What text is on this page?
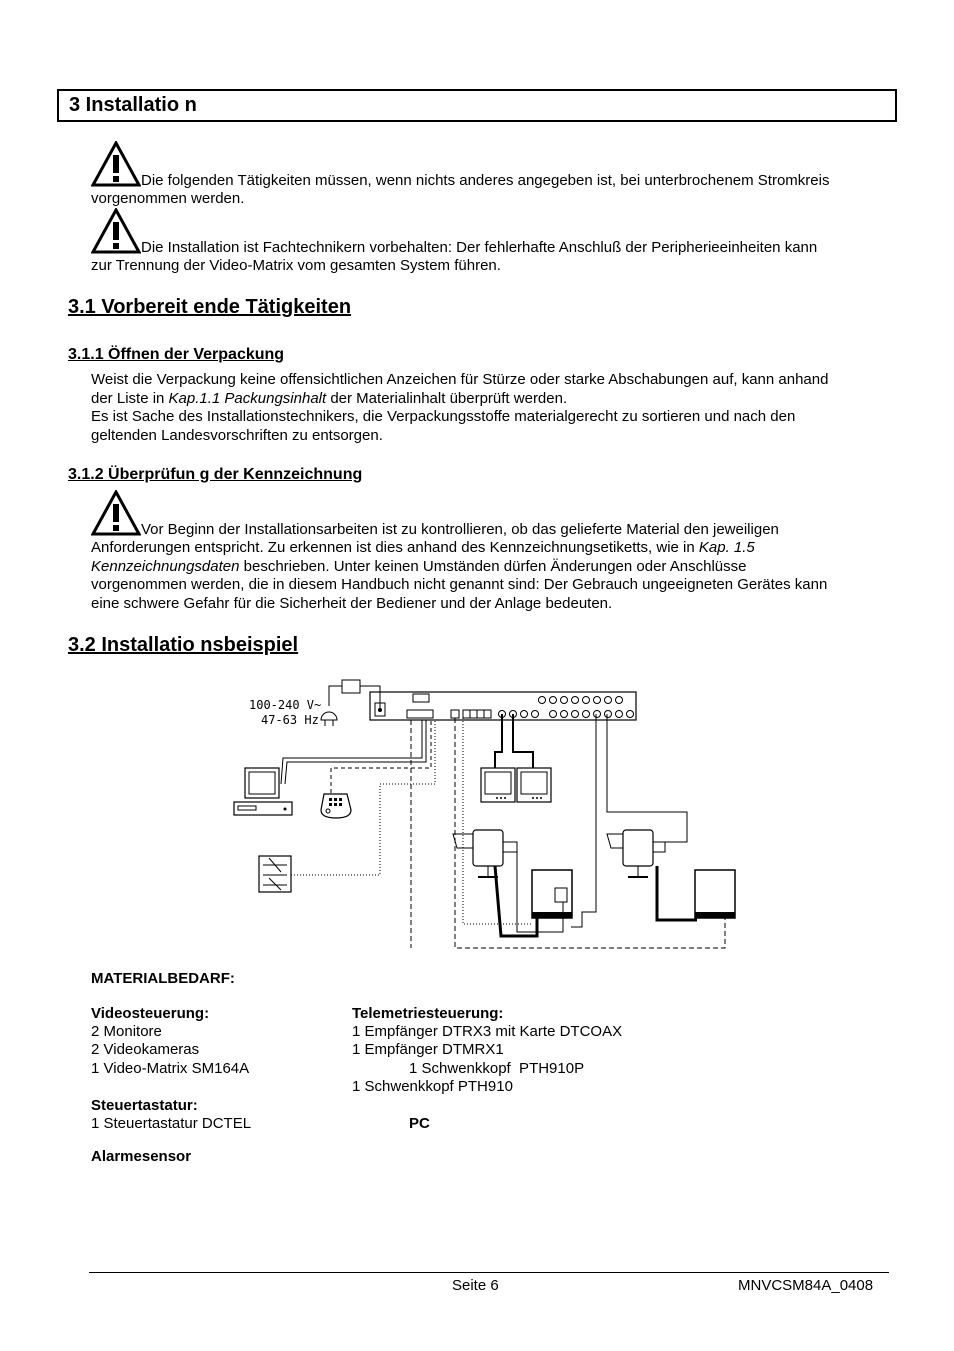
3 Installatio n
Die folgenden Tätigkeiten müssen, wenn nichts anderes angegeben ist, bei unterbrochenem Stromkreis
vorgenommen werden.
Die Installation ist Fachtechnikern vorbehalten: Der fehlerhafte Anschluß der Peripherieeinheiten kann
zur Trennung der Video-Matrix vom gesamten System führen.
3.1 Vorbereit ende Tätigkeiten
3.1.1 Öffnen der Verpackung
Weist die Verpackung keine offensichtlichen Anzeichen für Stürze oder starke Abschabungen auf, kann anhand
der Liste in Kap.1.1 Packungsinhalt der Materialinhalt überprüft werden.
Es ist Sache des Installationstechnikers, die Verpackungsstoffe materialgerecht zu sortieren und nach den
geltenden Landesvorschriften zu entsorgen.
3.1.2 Überprüfun g der Kennzeichnung
Vor Beginn der Installationsarbeiten ist zu kontrollieren, ob das gelieferte Material den jeweiligen
Anforderungen entspricht. Zu erkennen ist dies anhand des Kennzeichnungsetiketts, wie in Kap. 1.5
Kennzeichnungsdaten beschrieben. Unter keinen Umständen dürfen Änderungen oder Anschlüsse
vorgenommen werden, die in diesem Handbuch nicht genannt sind: Der Gebrauch ungeeigneten Gerätes kann
eine schwere Gefahr für die Sicherheit der Bediener und der Anlage bedeuten.
3.2 Installatio nsbeispiel
100-240 V~
47-63 Hz
MATERIALBEDARF:
Videosteuerung:
2 Monitore
2 Videokameras
1 Video-Matrix SM164A
Telemetriesteuerung:
1 Empfänger DTRX3 mit Karte DTCOAX
1 Empfänger DTMRX1
1 Schwenkkopf  PTH910P
1 Schwenkkopf PTH910
Steuertastatur:
1 Steuertastatur DCTEL	PC
Alarmesensor
Seite 6	MNVCSM84A_0408
